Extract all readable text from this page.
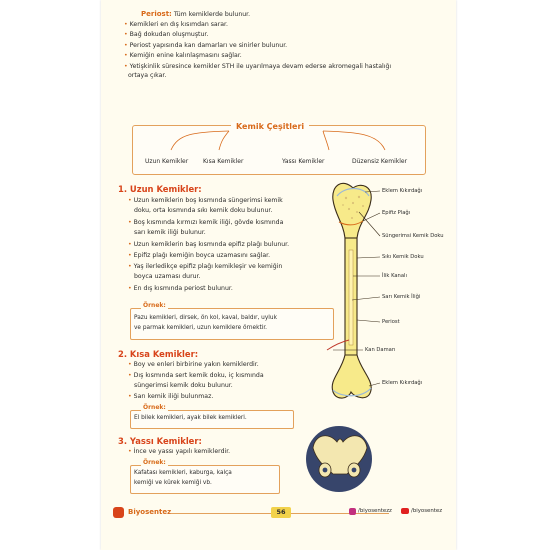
Periost: Tüm kemiklerde bulunur.
• Kemikleri en dış kısımdan sarar.
• Bağ dokudan oluşmuştur.
• Periost yapısında kan damarları ve sinirler bulunur.
• Kemiğin enine kalınlaşmasını sağlar.
• Yetişkinlik süresince kemikler STH ile uyarılmaya devam ederse akromegali hastalığı
ortaya çıkar.
Kemik Çeşitleri
Uzun Kemikler Kısa Kemikler	Yassı Kemikler	Düzensiz Kemikler
1. Uzun Kemikler:
• Uzun kemiklerin boş kısmında süngerimsi kemik
doku, orta kısmında sıkı kemik doku bulunur.
• Boş kısmında kırmızı kemik iliği, gövde kısmında
sarı kemik iliği bulunur.
• Uzun kemiklerin baş kısmında epifiz plağı bulunur.
• Epifiz plağı kemiğin boyca uzamasını sağlar.
• Yaş ilerledikçe epifiz plağı kemikleşir ve kemiğin
boyca uzaması durur.
• En dış kısmında periost bulunur.
Örnek:
Pazu kemikleri, dirsek, ön kol, kaval, baldır, uyluk
ve parmak kemikleri, uzun kemiklere örnektir.
2. Kısa Kemikler:
• Boy ve enleri birbirine yakın kemiklerdir.
• Dış kısmında sert kemik doku, iç kısmında
süngerimsi kemik doku bulunur.
• Sarı kemik iliği bulunmaz.
Örnek:
El bilek kemikleri, ayak bilek kemikleri.
3. Yassı Kemikler:
• İnce ve yassı yapılı kemiklerdir.
Örnek:
Kafatası kemikleri, kaburga, kalça
kemiği ve kürek kemiği vb.
Eklem Kıkırdağı
Epifiz Plağı
Süngerimsi Kemik Doku
Sıkı Kemik Doku
İlik Kanalı
Sarı Kemik İliği
Periost
Kan Damarı
Eklem Kıkırdağı
Biyosentez	56	/biyosentezz	/biyosentez
